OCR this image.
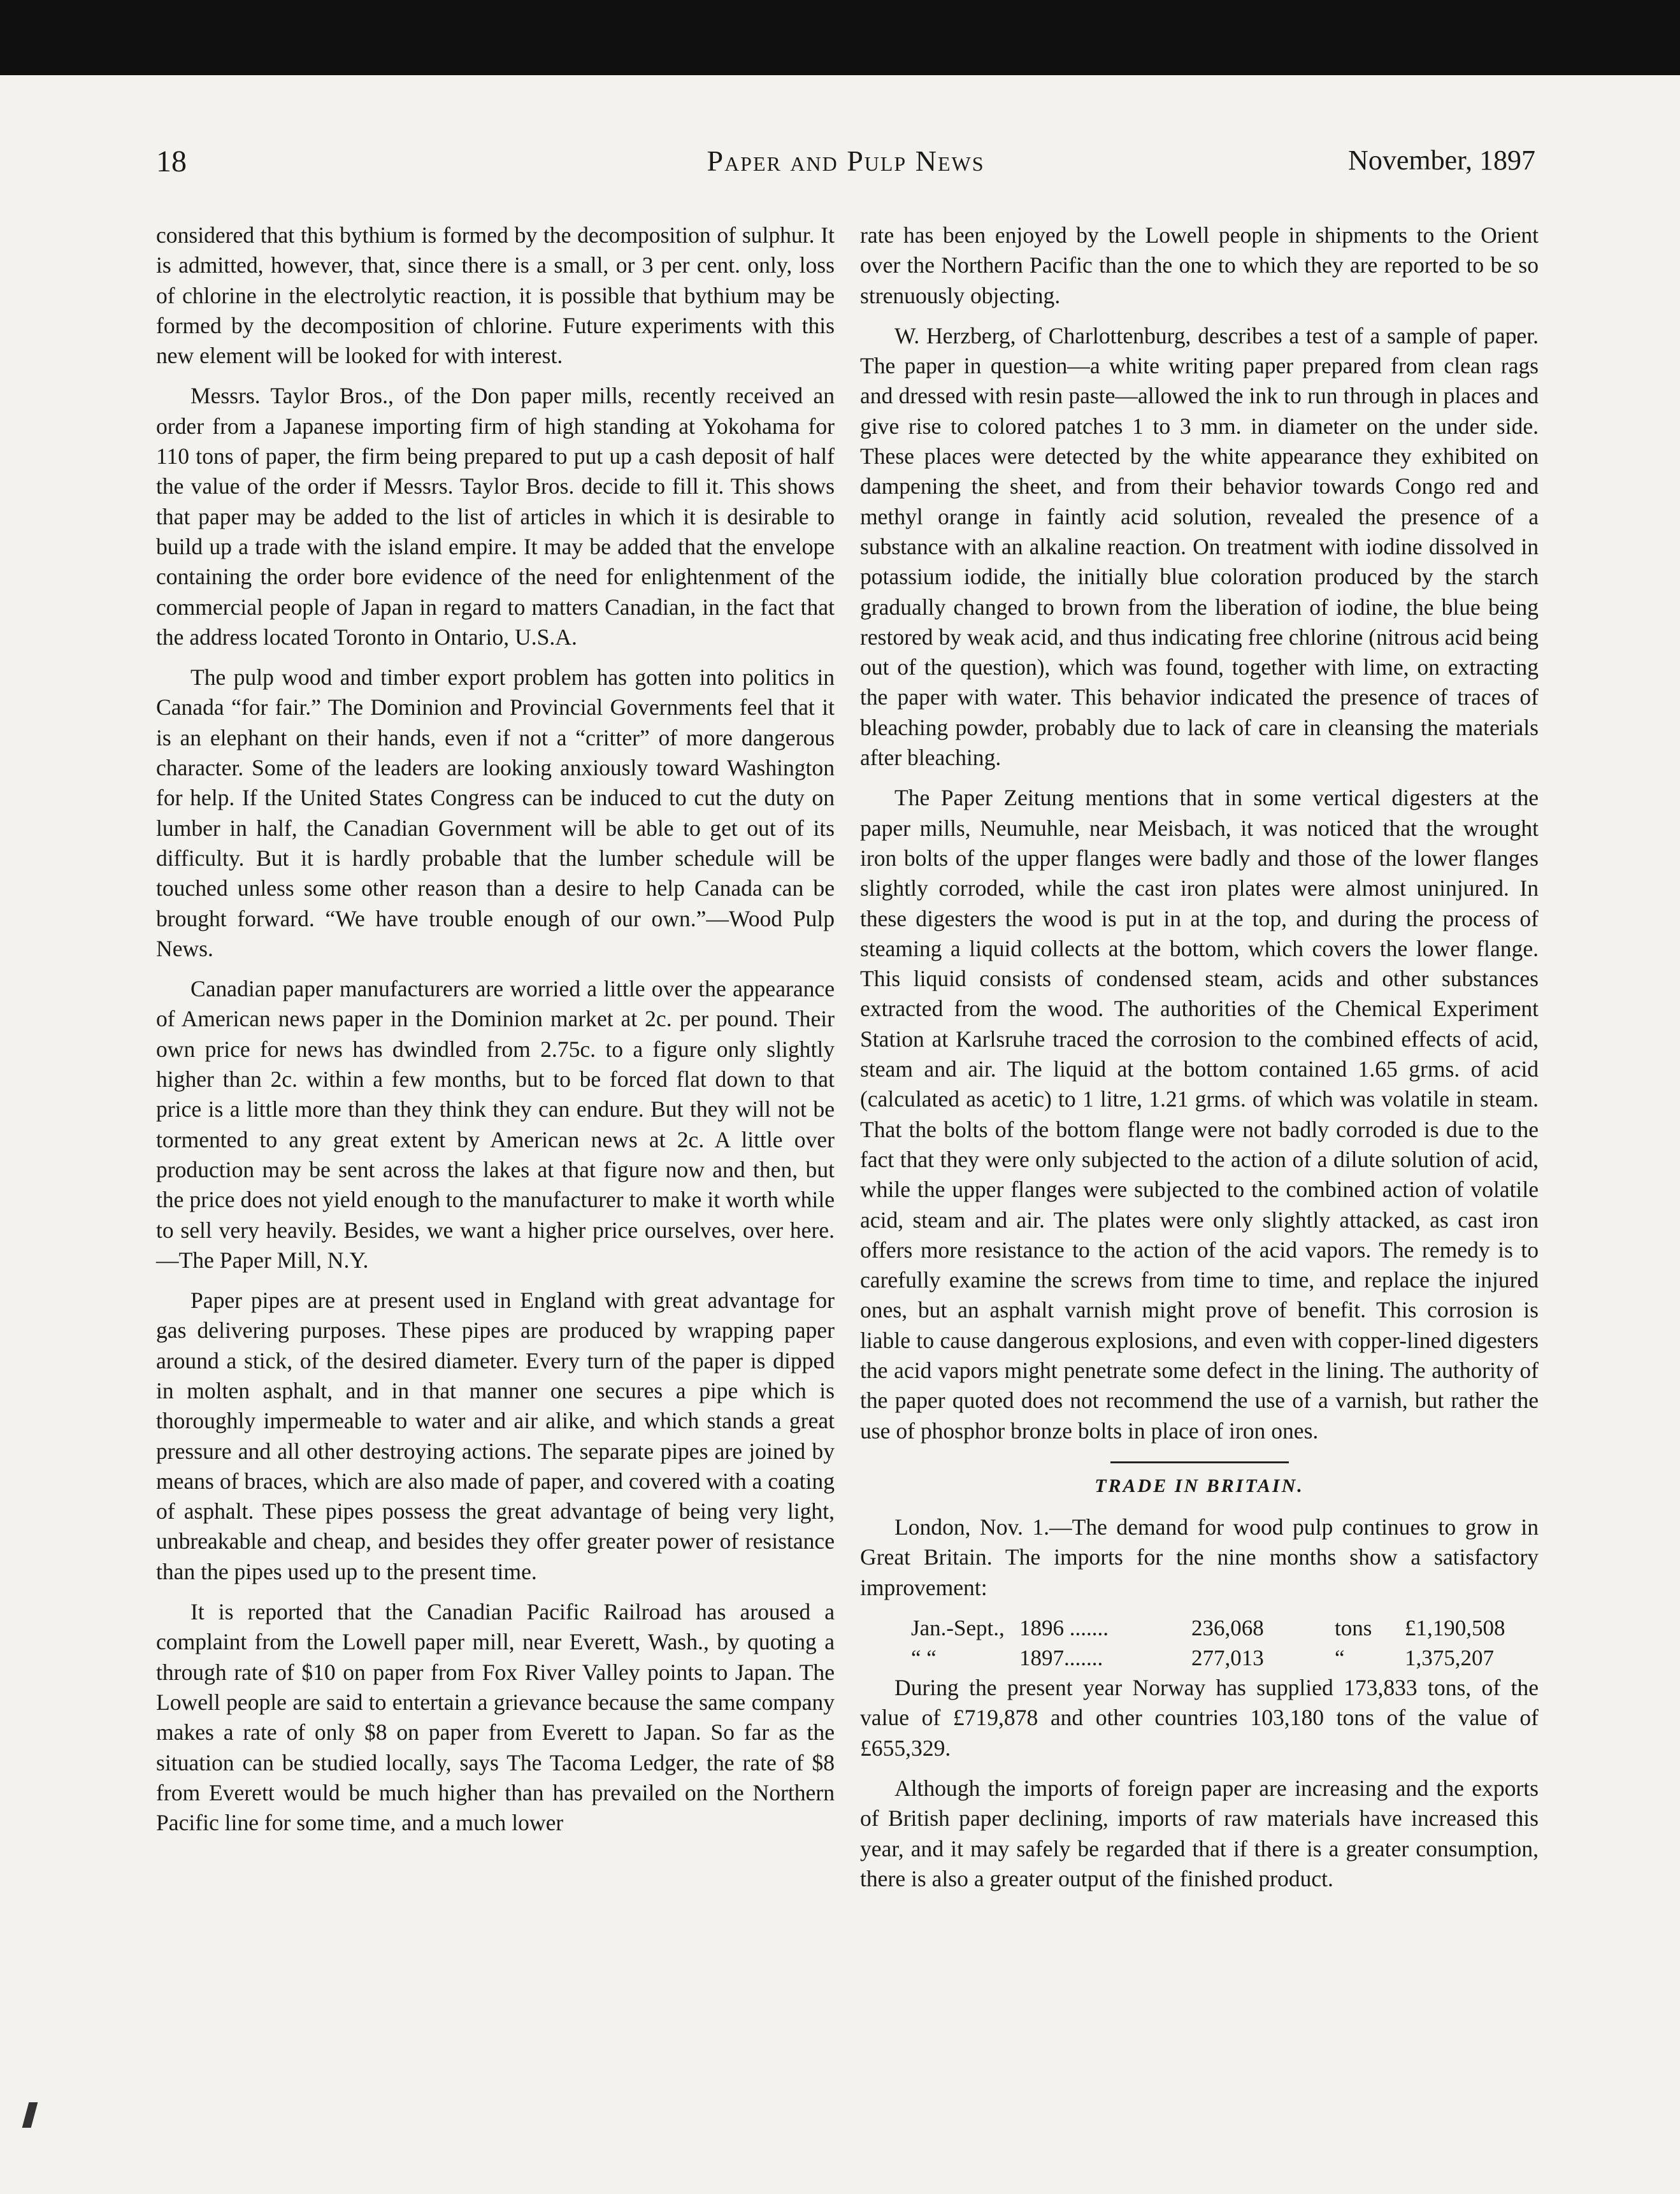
18	Paper and Pulp News	November, 1897

considered that this bythium is formed by the decomposition of sulphur. It is admitted, however, that, since there is a small, or 3 per cent. only, loss of chlorine in the electrolytic reaction, it is possible that bythium may be formed by the decomposition of chlorine. Future experiments with this new element will be looked for with interest.

Messrs. Taylor Bros., of the Don paper mills, recently received an order from a Japanese importing firm of high standing at Yokohama for 110 tons of paper, the firm being prepared to put up a cash deposit of half the value of the order if Messrs. Taylor Bros. decide to fill it. This shows that paper may be added to the list of articles in which it is desirable to build up a trade with the island empire. It may be added that the envelope containing the order bore evidence of the need for enlightenment of the commercial people of Japan in regard to matters Canadian, in the fact that the address located Toronto in Ontario, U.S.A.

The pulp wood and timber export problem has gotten into politics in Canada “for fair.” The Dominion and Provincial Governments feel that it is an elephant on their hands, even if not a “critter” of more dangerous character. Some of the leaders are looking anxiously toward Washington for help. If the United States Congress can be induced to cut the duty on lumber in half, the Canadian Government will be able to get out of its difficulty. But it is hardly probable that the lumber schedule will be touched unless some other reason than a desire to help Canada can be brought forward. “We have trouble enough of our own.”—Wood Pulp News.

Canadian paper manufacturers are worried a little over the appearance of American news paper in the Dominion market at 2c. per pound. Their own price for news has dwindled from 2.75c. to a figure only slightly higher than 2c. within a few months, but to be forced flat down to that price is a little more than they think they can endure. But they will not be tormented to any great extent by American news at 2c. A little over production may be sent across the lakes at that figure now and then, but the price does not yield enough to the manufacturer to make it worth while to sell very heavily. Besides, we want a higher price ourselves, over here.—The Paper Mill, N.Y.

Paper pipes are at present used in England with great advantage for gas delivering purposes. These pipes are produced by wrapping paper around a stick, of the desired diameter. Every turn of the paper is dipped in molten asphalt, and in that manner one secures a pipe which is thoroughly impermeable to water and air alike, and which stands a great pressure and all other destroying actions. The separate pipes are joined by means of braces, which are also made of paper, and covered with a coating of asphalt. These pipes possess the great advantage of being very light, unbreakable and cheap, and besides they offer greater power of resistance than the pipes used up to the present time.

It is reported that the Canadian Pacific Railroad has aroused a complaint from the Lowell paper mill, near Everett, Wash., by quoting a through rate of $10 on paper from Fox River Valley points to Japan. The Lowell people are said to entertain a grievance because the same company makes a rate of only $8 on paper from Everett to Japan. So far as the situation can be studied locally, says The Tacoma Ledger, the rate of $8 from Everett would be much higher than has prevailed on the Northern Pacific line for some time, and a much lower

rate has been enjoyed by the Lowell people in shipments to the Orient over the Northern Pacific than the one to which they are reported to be so strenuously objecting.

W. Herzberg, of Charlottenburg, describes a test of a sample of paper. The paper in question—a white writing paper prepared from clean rags and dressed with resin paste—allowed the ink to run through in places and give rise to colored patches 1 to 3 mm. in diameter on the under side. These places were detected by the white appearance they exhibited on dampening the sheet, and from their behavior towards Congo red and methyl orange in faintly acid solution, revealed the presence of a substance with an alkaline reaction. On treatment with iodine dissolved in potassium iodide, the initially blue coloration produced by the starch gradually changed to brown from the liberation of iodine, the blue being restored by weak acid, and thus indicating free chlorine (nitrous acid being out of the question), which was found, together with lime, on extracting the paper with water. This behavior indicated the presence of traces of bleaching powder, probably due to lack of care in cleansing the materials after bleaching.

The Paper Zeitung mentions that in some vertical digesters at the paper mills, Neumuhle, near Meisbach, it was noticed that the wrought iron bolts of the upper flanges were badly and those of the lower flanges slightly corroded, while the cast iron plates were almost uninjured. In these digesters the wood is put in at the top, and during the process of steaming a liquid collects at the bottom, which covers the lower flange. This liquid consists of condensed steam, acids and other substances extracted from the wood. The authorities of the Chemical Experiment Station at Karlsruhe traced the corrosion to the combined effects of acid, steam and air. The liquid at the bottom contained 1.65 grms. of acid (calculated as acetic) to 1 litre, 1.21 grms. of which was volatile in steam. That the bolts of the bottom flange were not badly corroded is due to the fact that they were only subjected to the action of a dilute solution of acid, while the upper flanges were subjected to the combined action of volatile acid, steam and air. The plates were only slightly attacked, as cast iron offers more resistance to the action of the acid vapors. The remedy is to carefully examine the screws from time to time, and replace the injured ones, but an asphalt varnish might prove of benefit. This corrosion is liable to cause dangerous explosions, and even with copper-lined digesters the acid vapors might penetrate some defect in the lining. The authority of the paper quoted does not recommend the use of a varnish, but rather the use of phosphor bronze bolts in place of iron ones.

TRADE IN BRITAIN.

London, Nov. 1.—The demand for wood pulp continues to grow in Great Britain. The imports for the nine months show a satisfactory improvement:

Jan.-Sept., 1896 .......	236,068	tons £1,190,508
“ “	1897.......	277,013	“	1,375,207

During the present year Norway has supplied 173,833 tons, of the value of £719,878 and other countries 103,180 tons of the value of £655,329.

Although the imports of foreign paper are increasing and the exports of British paper declining, imports of raw materials have increased this year, and it may safely be regarded that if there is a greater consumption, there is also a greater output of the finished product.
